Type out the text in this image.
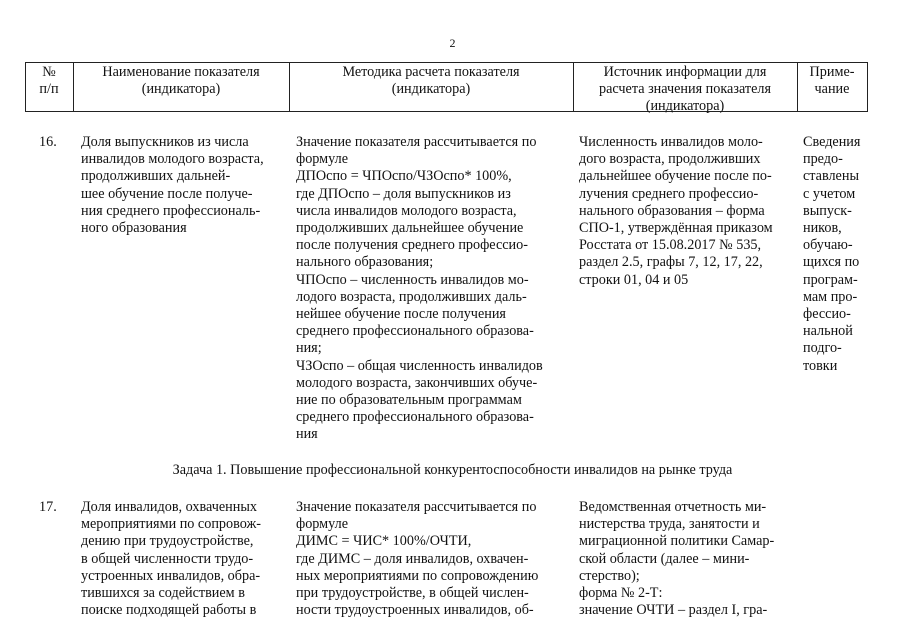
2
№
п/п
Наименование показателя
(индикатора)
Методика расчета показателя
(индикатора)
Источник информации для
расчета значения показателя
(индикатора)
Приме-
чание
16.	Доля выпускников из числа
инвалидов молодого возраста,
продолживших дальней-
шее обучение после получе-
ния среднего профессиональ-
ного образования
Значение показателя рассчитывается по
формуле
ДПОспо = ЧПОспо/ЧЗОспо* 100%,
где ДПОспо – доля выпускников из
числа инвалидов молодого возраста,
продолживших дальнейшее обучение
после получения среднего профессио-
нального образования;
ЧПОспо – численность инвалидов мо-
лодого возраста, продолживших даль-
нейшее обучение после получения
среднего профессионального образова-
ния;
ЧЗОспо – общая численность инвалидов
молодого возраста, закончивших обуче-
ние по образовательным программам
среднего профессионального образова-
ния
Численность инвалидов моло-
дого возраста, продолживших
дальнейшее обучение после по-
лучения среднего профессио-
нального образования – форма
СПО-1, утверждённая приказом
Росстата от 15.08.2017 № 535,
раздел 2.5, графы 7, 12, 17, 22,
строки 01, 04 и 05
Сведения
предо-
ставлены
с учетом
выпуск-
ников,
обучаю-
щихся по
програм-
мам про-
фессио-
нальной
подго-
товки
Задача 1. Повышение профессиональной конкурентоспособности инвалидов на рынке труда
17.	Доля инвалидов, охваченных
мероприятиями по сопровож-
дению при трудоустройстве,
в общей численности трудо-
устроенных инвалидов, обра-
тившихся за содействием в
поиске подходящей работы в
Значение показателя рассчитывается по
формуле
ДИМС = ЧИС* 100%/ОЧТИ,
где ДИМС – доля инвалидов, охвачен-
ных мероприятиями по сопровождению
при трудоустройстве, в общей числен-
ности трудоустроенных инвалидов, об-
Ведомственная отчетность ми-
нистерства труда, занятости и
миграционной политики Самар-
ской области (далее – мини-
стерство);
форма № 2-Т:
значение ОЧТИ – раздел I, гра-
